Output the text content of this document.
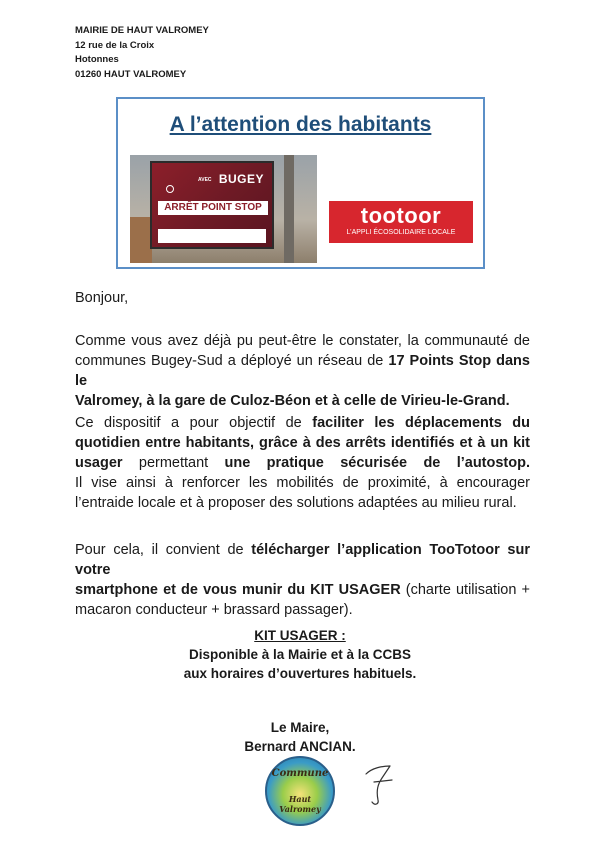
MAIRIE DE HAUT VALROMEY
12 rue de la Croix
Hotonnes
01260 HAUT VALROMEY
A l’attention des habitants
AVEC BUGEY
ARRÊT POINT STOP	tootoor
L’APPLI ÉCOSOLIDAIRE LOCALE
Bonjour,
Comme vous avez déjà pu peut-être le constater, la communauté de
communes Bugey-Sud a déployé un réseau de 17 Points Stop dans le
Valromey, à la gare de Culoz-Béon et à celle de Virieu-le-Grand.
Ce dispositif a pour objectif de faciliter les déplacements du
quotidien entre habitants, grâce à des arrêts identifiés et à un kit
usager permettant une pratique sécurisée de l’autostop.
Il vise ainsi à renforcer les mobilités de proximité, à encourager
l’entraide locale et à proposer des solutions adaptées au milieu rural.
Pour cela, il convient de télécharger l’application TooTotoor sur votre
smartphone et de vous munir du KIT USAGER (charte utilisation +
macaron conducteur + brassard passager).
KIT USAGER :
Disponible à la Mairie et à la CCBS
aux horaires d’ouvertures habituels.
Le Maire,
Bernard ANCIAN.
Commune
Haut Valromey
